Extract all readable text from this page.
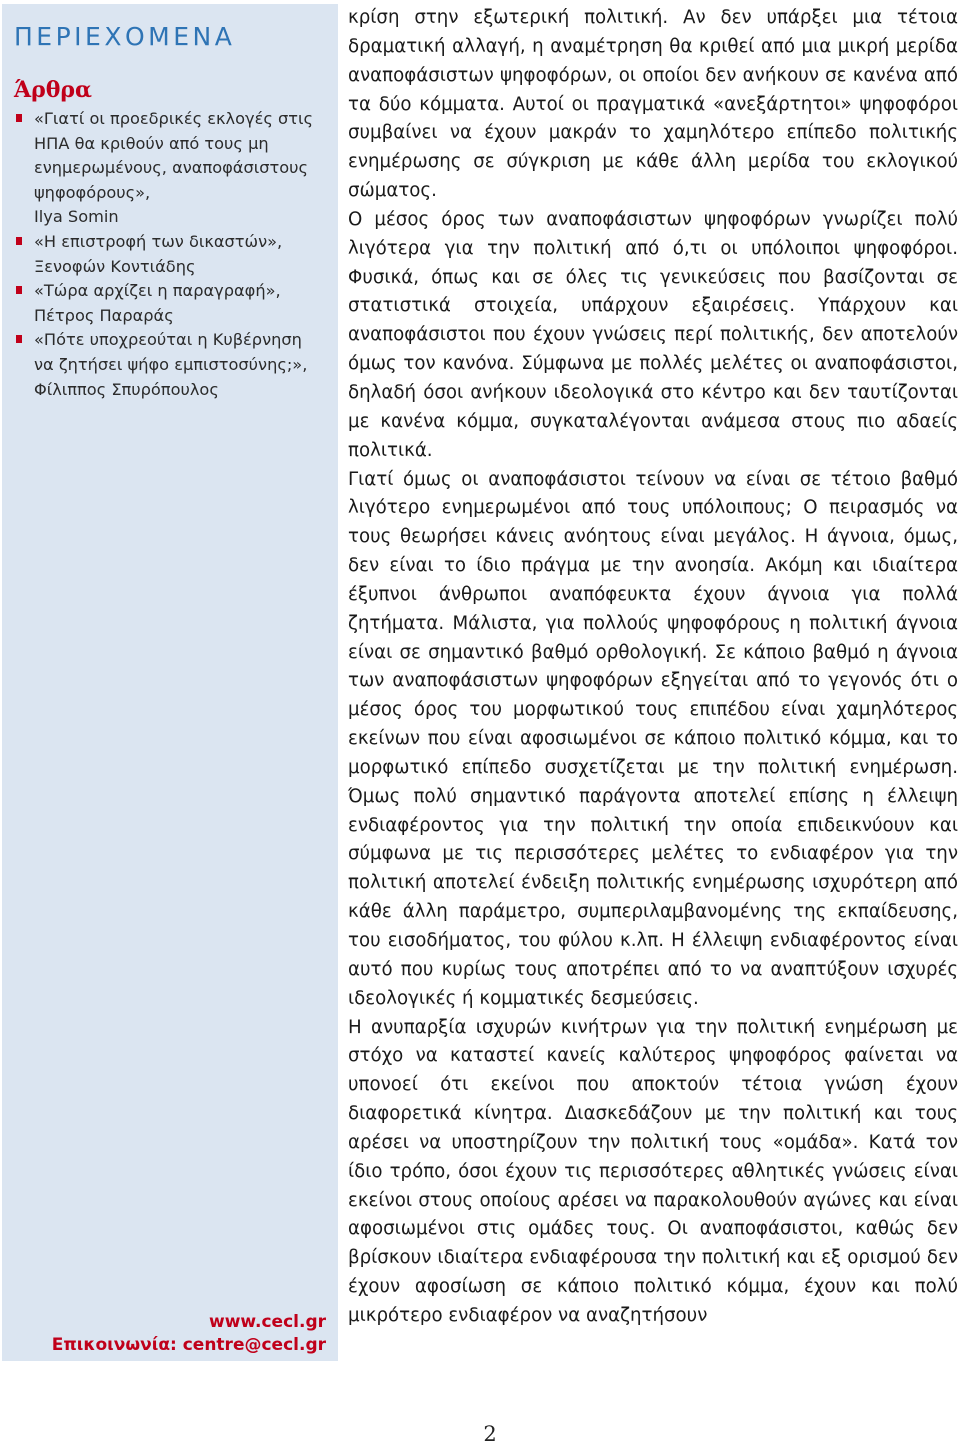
ΠΕΡΙΕΧΟΜΕΝΑ
Άρθρα
«Γιατί οι προεδρικές εκλογές στις ΗΠΑ θα κριθούν από τους μη ενημερωμένους, αναποφάσιστους ψηφοφόρους»,
Ilya Somin
«Η επιστροφή των δικαστών»,
Ξενοφών Κοντιάδης
«Τώρα αρχίζει η παραγραφή»,
Πέτρος Παραράς
«Πότε υποχρεούται η Κυβέρνηση να ζητήσει ψήφο εμπιστοσύνης;»,
Φίλιππος Σπυρόπουλος
www.cecl.gr
Επικοινωνία: centre@cecl.gr

κρίση στην εξωτερική πολιτική. Αν δεν υπάρξει μια τέτοια δραματική αλλαγή, η αναμέτρηση θα κριθεί από μια μικρή μερίδα αναποφάσιστων ψηφοφόρων, οι οποίοι δεν ανήκουν σε κανένα από τα δύο κόμματα. Αυτοί οι πραγματικά «ανεξάρτητοι» ψηφοφόροι συμβαίνει να έχουν μακράν το χαμηλότερο επίπεδο πολιτικής ενημέρωσης σε σύγκριση με κάθε άλλη μερίδα του εκλογικού σώματος.

Ο μέσος όρος των αναποφάσιστων ψηφοφόρων γνωρίζει πολύ λιγότερα για την πολιτική από ό,τι οι υπόλοιποι ψηφοφόροι. Φυσικά, όπως και σε όλες τις γενικεύσεις που βασίζονται σε στατιστικά στοιχεία, υπάρχουν εξαιρέσεις. Υπάρχουν και αναποφάσιστοι που έχουν γνώσεις περί πολιτικής, δεν αποτελούν όμως τον κανόνα. Σύμφωνα με πολλές μελέτες οι αναποφάσιστοι, δηλαδή όσοι ανήκουν ιδεολογικά στο κέντρο και δεν ταυτίζονται με κανένα κόμμα, συγκαταλέγονται ανάμεσα στους πιο αδαείς πολιτικά.

Γιατί όμως οι αναποφάσιστοι τείνουν να είναι σε τέτοιο βαθμό λιγότερο ενημερωμένοι από τους υπόλοιπους; Ο πειρασμός να τους θεωρήσει κάνεις ανόητους είναι μεγάλος. Η άγνοια, όμως, δεν είναι το ίδιο πράγμα με την ανοησία. Ακόμη και ιδιαίτερα έξυπνοι άνθρωποι αναπόφευκτα έχουν άγνοια για πολλά ζητήματα. Μάλιστα, για πολλούς ψηφοφόρους η πολιτική άγνοια είναι σε σημαντικό βαθμό ορθολογική. Σε κάποιο βαθμό η άγνοια των αναποφάσιστων ψηφοφόρων εξηγείται από το γεγονός ότι ο μέσος όρος του μορφωτικού τους επιπέδου είναι χαμηλότερος εκείνων που είναι αφοσιωμένοι σε κάποιο πολιτικό κόμμα, και το μορφωτικό επίπεδο συσχετίζεται με την πολιτική ενημέρωση. Όμως πολύ σημαντικό παράγοντα αποτελεί επίσης η έλλειψη ενδιαφέροντος για την πολιτική την οποία επιδεικνύουν και σύμφωνα με τις περισσότερες μελέτες το ενδιαφέρον για την πολιτική αποτελεί ένδειξη πολιτικής ενημέρωσης ισχυρότερη από κάθε άλλη παράμετρο, συμπεριλαμβανομένης της εκπαίδευσης, του εισοδήματος, του φύλου κ.λπ. Η έλλειψη ενδιαφέροντος είναι αυτό που κυρίως τους αποτρέπει από το να αναπτύξουν ισχυρές ιδεολογικές ή κομματικές δεσμεύσεις.

Η ανυπαρξία ισχυρών κινήτρων για την πολιτική ενημέρωση με στόχο να καταστεί κανείς καλύτερος ψηφοφόρος φαίνεται να υπονοεί ότι εκείνοι που αποκτούν τέτοια γνώση έχουν διαφορετικά κίνητρα. Διασκεδάζουν με την πολιτική και τους αρέσει να υποστηρίζουν την πολιτική τους «ομάδα». Κατά τον ίδιο τρόπο, όσοι έχουν τις περισσότερες αθλητικές γνώσεις είναι εκείνοι στους οποίους αρέσει να παρακολουθούν αγώνες και είναι αφοσιωμένοι στις ομάδες τους. Οι αναποφάσιστοι, καθώς δεν βρίσκουν ιδιαίτερα ενδιαφέρουσα την πολιτική και εξ ορισμού δεν έχουν αφοσίωση σε κάποιο πολιτικό κόμμα, έχουν και πολύ μικρότερο ενδιαφέρον να αναζητήσουν

2
